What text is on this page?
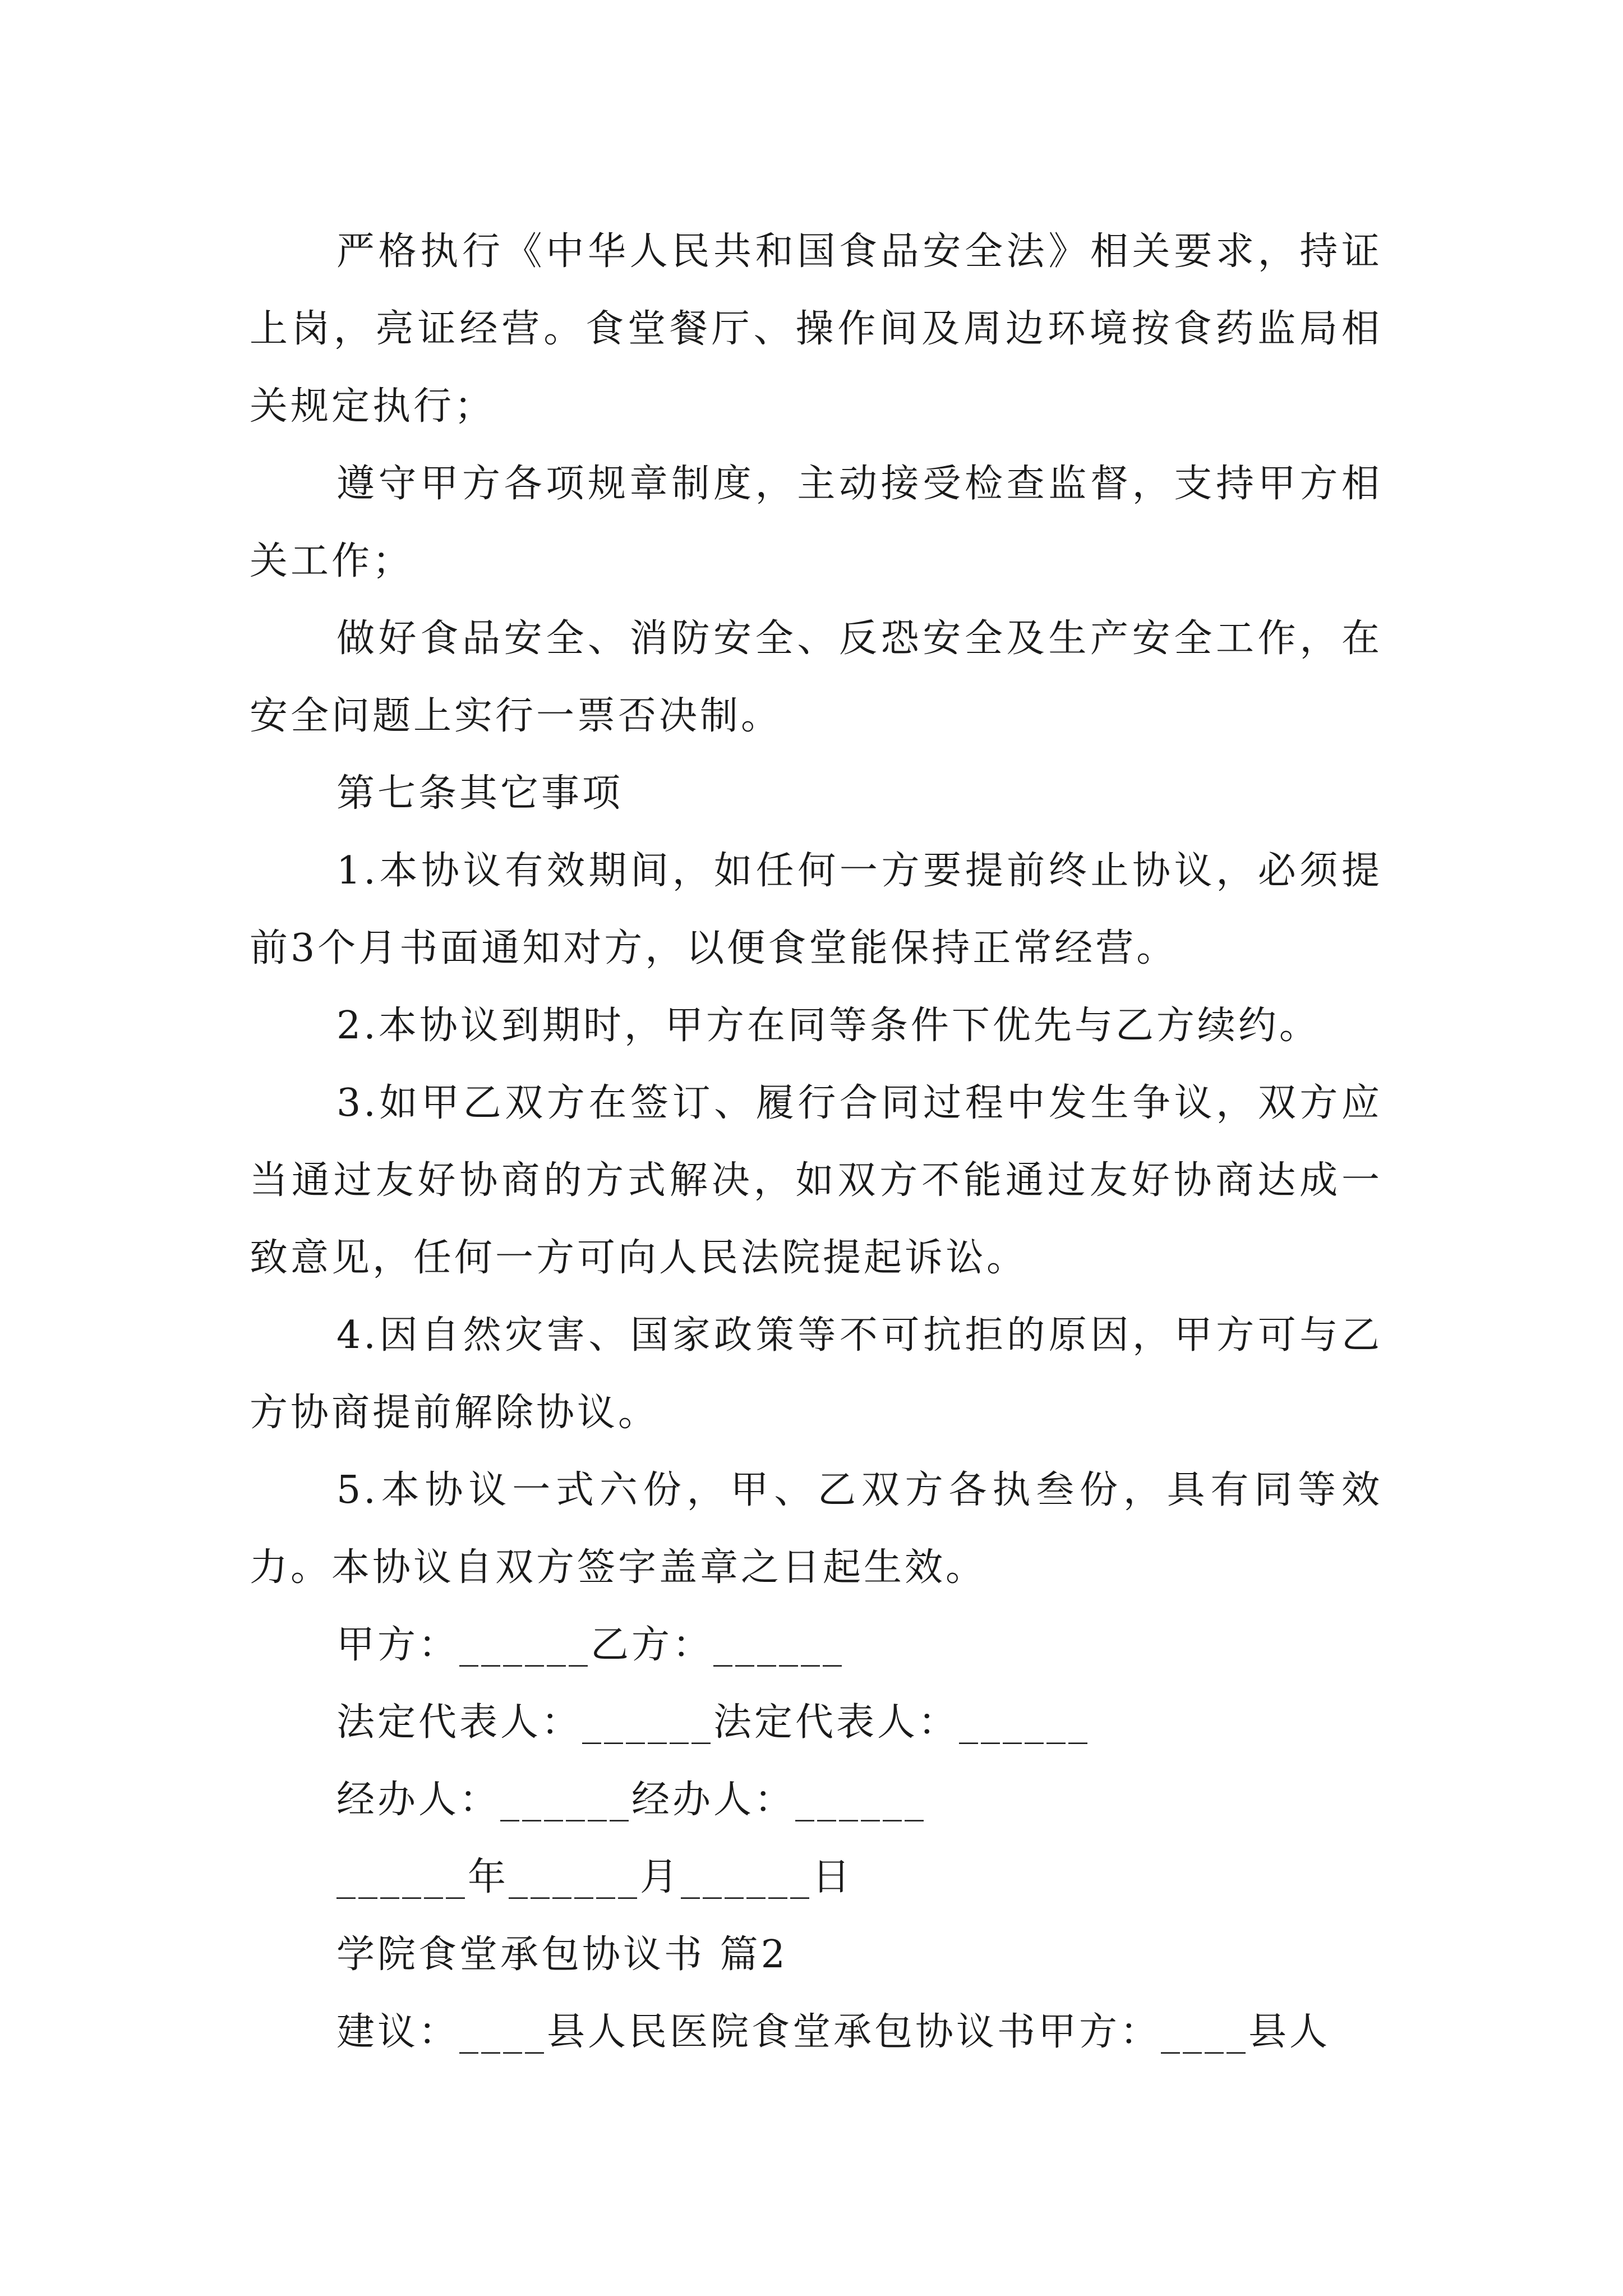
严格执行《中华人民共和国食品安全法》相关要求，持证上岗，亮证经营。食堂餐厅、操作间及周边环境按食药监局相关规定执行；

遵守甲方各项规章制度，主动接受检查监督，支持甲方相关工作；

做好食品安全、消防安全、反恐安全及生产安全工作，在安全问题上实行一票否决制。

第七条其它事项

1.本协议有效期间，如任何一方要提前终止协议，必须提前3个月书面通知对方，以便食堂能保持正常经营。

2.本协议到期时，甲方在同等条件下优先与乙方续约。

3.如甲乙双方在签订、履行合同过程中发生争议，双方应当通过友好协商的方式解决，如双方不能通过友好协商达成一致意见，任何一方可向人民法院提起诉讼。

4.因自然灾害、国家政策等不可抗拒的原因，甲方可与乙方协商提前解除协议。

5.本协议一式六份，甲、乙双方各执叁份，具有同等效力。本协议自双方签字盖章之日起生效。

甲方：______乙方：______

法定代表人：______法定代表人：______

经办人：______经办人：______

______年______月______日

学院食堂承包协议书 篇2

建议：____县人民医院食堂承包协议书甲方：____县人
